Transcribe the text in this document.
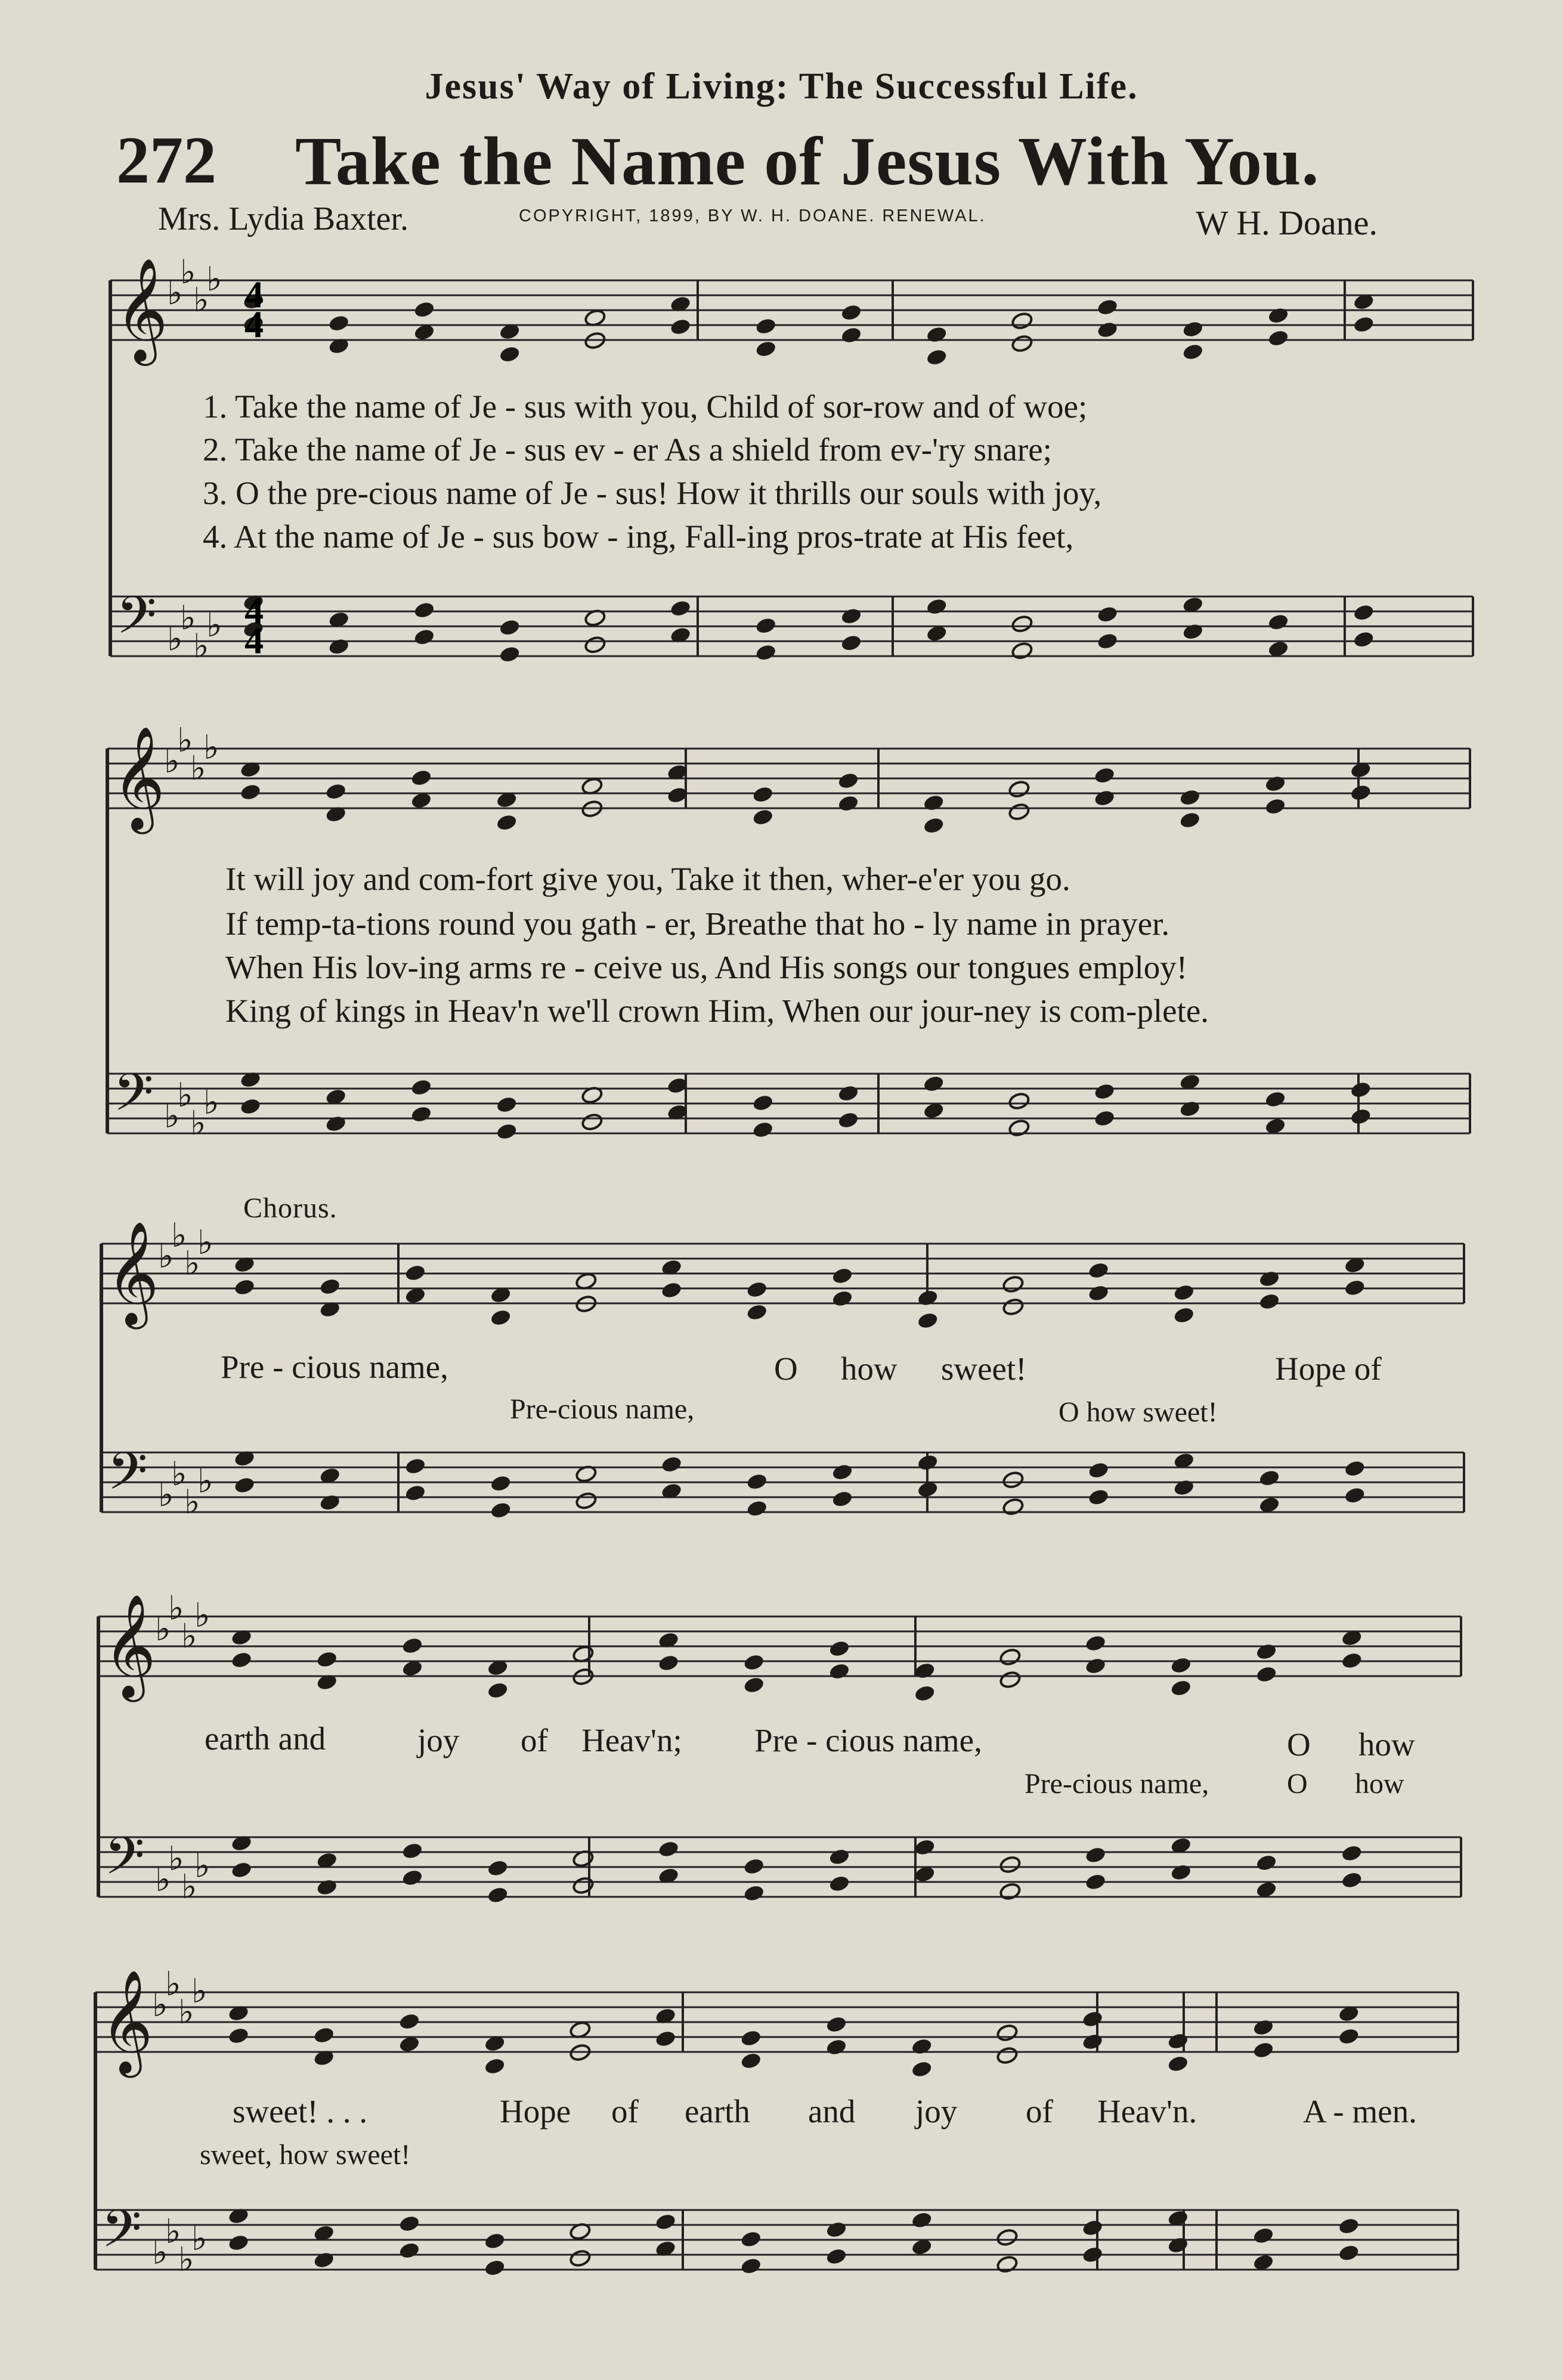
Jesus' Way of Living: The Successful Life.
272 Take the Name of Jesus With You.
Mrs. Lydia Baxter.	COPYRIGHT, 1899, BY W. H. DOANE. RENEWAL.	W H. Doane.
𝄞
𝄢
♭
♭
♭
♭
♭
♭
♭
♭
𝄞
𝄢
♭
♭
♭
♭
♭
♭
♭
♭
𝄞
𝄢
♭
♭
♭
♭
♭
♭
♭
♭
𝄞
𝄢
♭
♭
♭
♭
♭
♭
♭
♭
𝄞
𝄢
♭
♭
♭
♭
♭
♭
♭
♭
4
4
4
4
1. Take the name of Je - sus with you, Child of sor-row and of woe;
2. Take the name of Je - sus ev - er As a shield from ev-'ry snare;
3. O the pre-cious name of Je - sus! How it thrills our souls with joy,
4. At the name of Je - sus bow - ing, Fall-ing pros-trate at His feet,
It will joy and com-fort give you, Take it then, wher-e'er you go.
If temp-ta-tions round you gath - er, Breathe that ho - ly name in prayer.
When His lov-ing arms re - ceive us, And His songs our tongues employ!
King of kings in Heav'n we'll crown Him, When our jour-ney is com-plete.
Chorus.
Pre - cious name,	O how sweet!	Hope of
Pre-cious name,	O how sweet!
earth and	joy of Heav'n; Pre - cious name,	O how
Pre-cious name,	O how
sweet! . . .	Hope of earth and joy of Heav'n.	A - men.
sweet, how sweet!
